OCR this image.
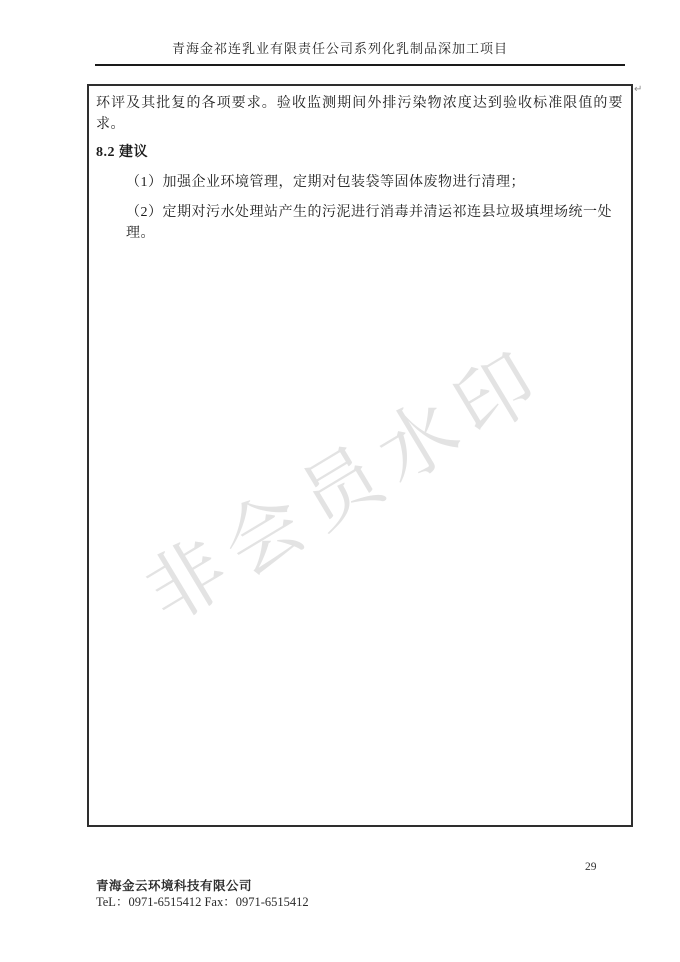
青海金祁连乳业有限责任公司系列化乳制品深加工项目
非会员水印
↵
环评及其批复的各项要求。验收监测期间外排污染物浓度达到验收标准限值的要求。
8.2 建议
（1）加强企业环境管理，定期对包装袋等固体废物进行清理；
（2）定期对污水处理站产生的污泥进行消毒并清运祁连县垃圾填埋场统一处理。
青海金云环境科技有限公司
TeL：0971-6515412 Fax：0971-6515412
29
